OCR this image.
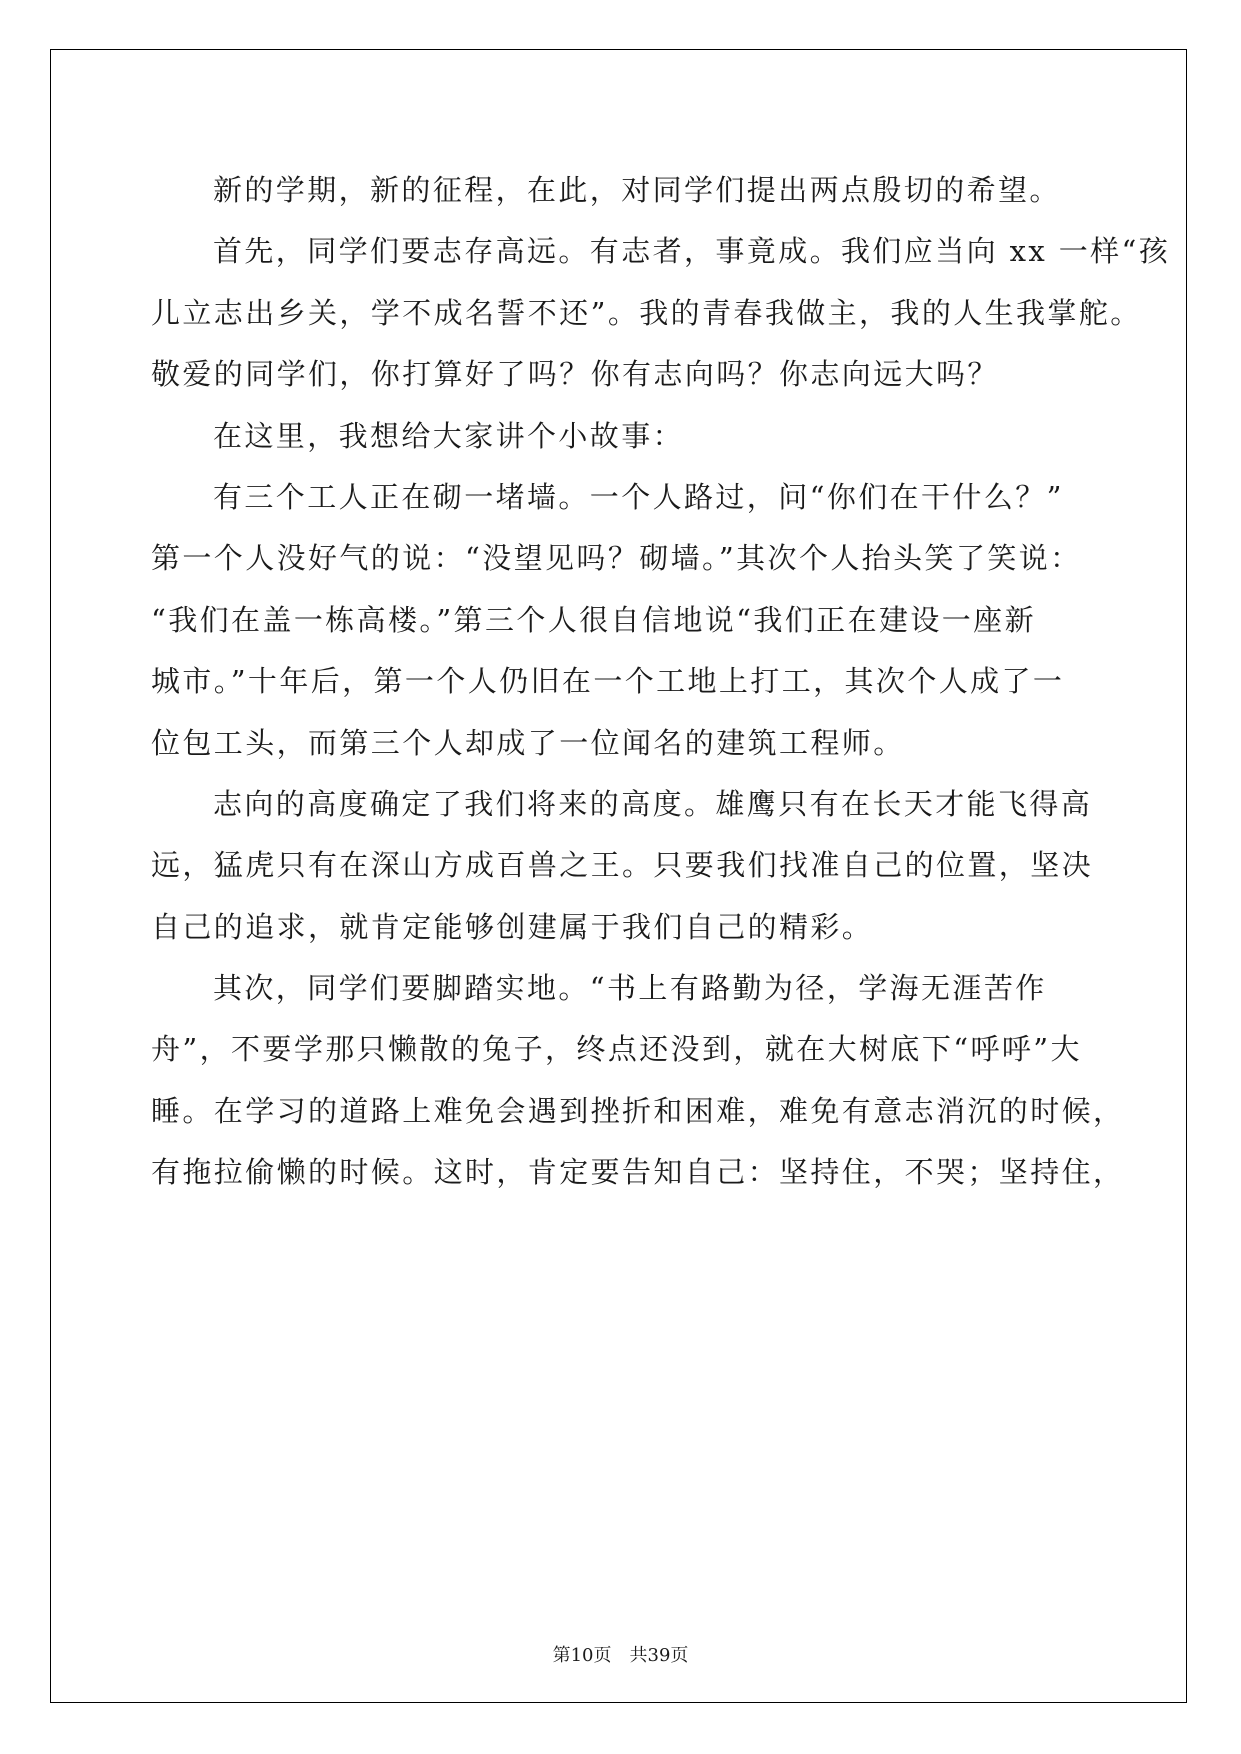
新的学期，新的征程，在此，对同学们提出两点殷切的希望。
首先，同学们要志存高远。有志者，事竟成。我们应当向 xx 一样“孩
儿立志出乡关，学不成名誓不还”。我的青春我做主，我的人生我掌舵。
敬爱的同学们，你打算好了吗？你有志向吗？你志向远大吗？
在这里，我想给大家讲个小故事：
有三个工人正在砌一堵墙。一个人路过，问“你们在干什么？”
第一个人没好气的说：“没望见吗？砌墙。”其次个人抬头笑了笑说：
“我们在盖一栋高楼。”第三个人很自信地说“我们正在建设一座新
城市。”十年后，第一个人仍旧在一个工地上打工，其次个人成了一
位包工头，而第三个人却成了一位闻名的建筑工程师。
志向的高度确定了我们将来的高度。雄鹰只有在长天才能飞得高
远，猛虎只有在深山方成百兽之王。只要我们找准自己的位置，坚决
自己的追求，就肯定能够创建属于我们自己的精彩。
其次，同学们要脚踏实地。“书上有路勤为径，学海无涯苦作
舟”，不要学那只懒散的兔子，终点还没到，就在大树底下“呼呼”大
睡。在学习的道路上难免会遇到挫折和困难，难免有意志消沉的时候，
有拖拉偷懒的时候。这时，肯定要告知自己：坚持住，不哭；坚持住，
第10页　共39页
